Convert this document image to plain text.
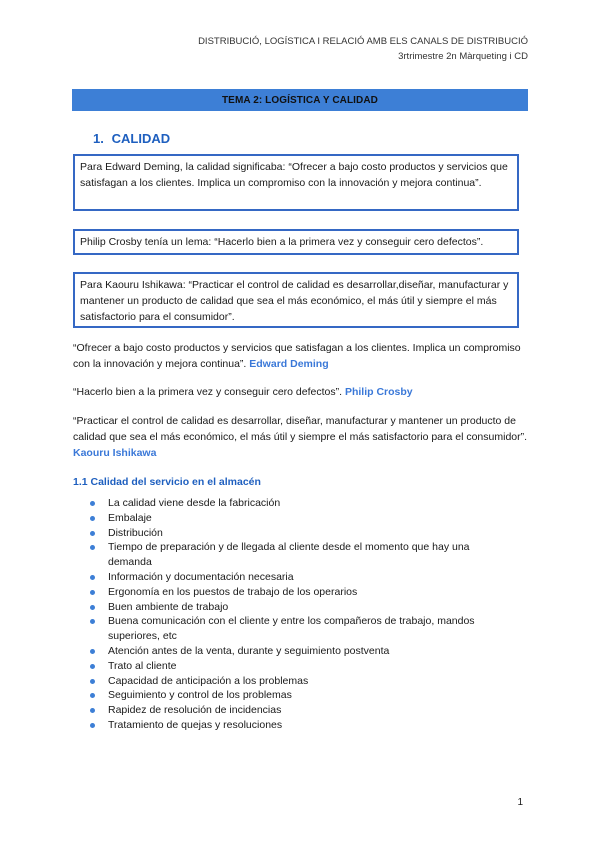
DISTRIBUCIÓ, LOGÍSTICA I RELACIÓ AMB ELS CANALS DE DISTRIBUCIÓ
3rtrimestre 2n Màrqueting i CD
TEMA 2: LOGÍSTICA Y CALIDAD
1. CALIDAD
Para Edward Deming, la calidad significaba: “Ofrecer a bajo costo productos y servicios que satisfagan a los clientes. Implica un compromiso con la innovación y mejora continua”.
Philip Crosby tenía un lema: “Hacerlo bien a la primera vez y conseguir cero defectos”.
Para Kaouru Ishikawa: “Practicar el control de calidad es desarrollar,diseñar, manufacturar y mantener un producto de calidad que sea el más económico, el más útil y siempre el más satisfactorio para el consumidor”.
“Ofrecer a bajo costo productos y servicios que satisfagan a los clientes. Implica un compromiso con la innovación y mejora continua”. Edward Deming
“Hacerlo bien a la primera vez y conseguir cero defectos”. Philip Crosby
“Practicar el control de calidad es desarrollar, diseñar, manufacturar y mantener un producto de calidad que sea el más económico, el más útil y siempre el más satisfactorio para el consumidor”. Kaouru Ishikawa
1.1 Calidad del servicio en el almacén
La calidad viene desde la fabricación
Embalaje
Distribución
Tiempo de preparación y de llegada al cliente desde el momento que hay una demanda
Información y documentación necesaria
Ergonomía en los puestos de trabajo de los operarios
Buen ambiente de trabajo
Buena comunicación con el cliente y entre los compañeros de trabajo, mandos superiores, etc
Atención antes de la venta, durante y seguimiento postventa
Trato al cliente
Capacidad de anticipación a los problemas
Seguimiento y control de los problemas
Rapidez de resolución de incidencias
Tratamiento de quejas y resoluciones
1
